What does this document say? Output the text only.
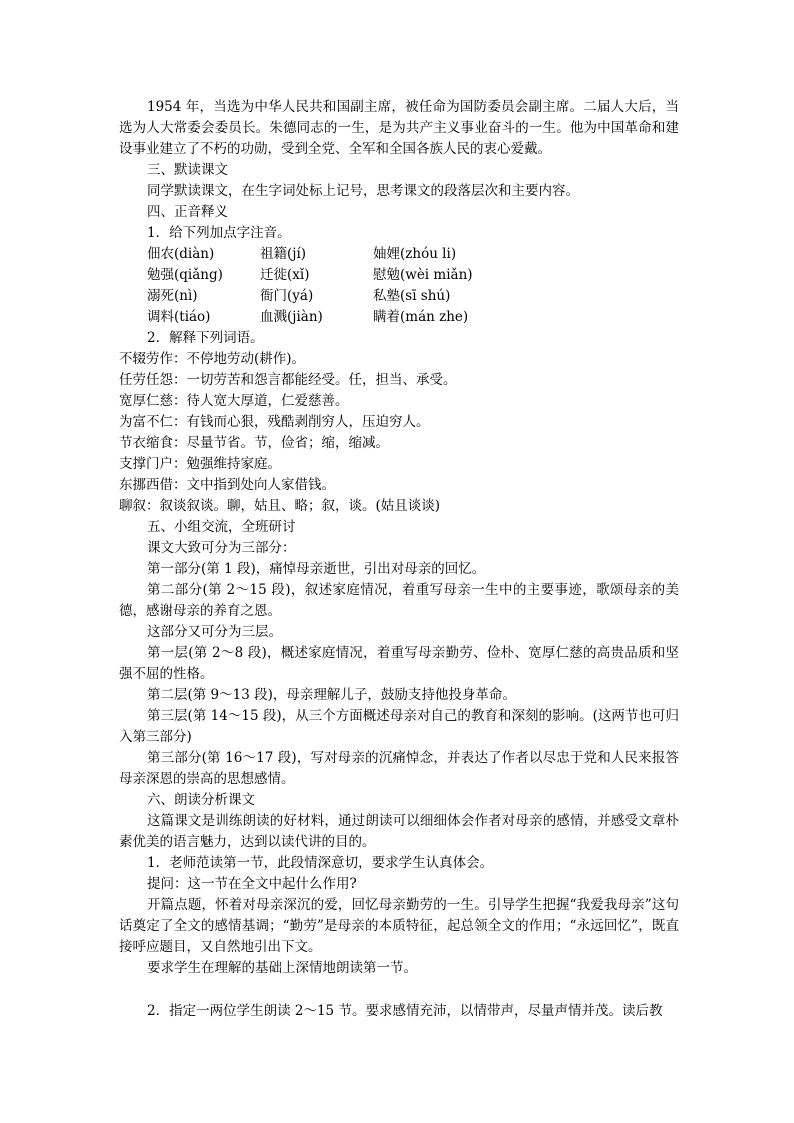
1954 年，当选为中华人民共和国副主席，被任命为国防委员会副主席。二届人大后，当选为人大常委会委员长。朱德同志的一生，是为共产主义事业奋斗的一生。他为中国革命和建设事业建立了不朽的功勋，受到全党、全军和全国各族人民的衷心爱戴。

三、默读课文

同学默读课文，在生字词处标上记号，思考课文的段落层次和主要内容。

四、正音释义

1．给下列加点字注音。

佃农(diàn)	祖籍(jí)	妯娌(zhóu li)
勉强(qiǎng)	迁徙(xǐ)	慰勉(wèi miǎn)
溺死(nì)	衙门(yá)	私塾(sī shú)
调料(tiáo)	血溅(jiàn)	瞒着(mán zhe)

2．解释下列词语。

不辍劳作：不停地劳动(耕作)。

任劳任怨：一切劳苦和怨言都能经受。任，担当、承受。

宽厚仁慈：待人宽大厚道，仁爱慈善。

为富不仁：有钱而心狠，残酷剥削穷人，压迫穷人。

节衣缩食：尽量节省。节，俭省；缩，缩减。

支撑门户：勉强维持家庭。

东挪西借：文中指到处向人家借钱。

聊叙：叙谈叙谈。聊，姑且、略；叙，谈。(姑且谈谈)

五、小组交流，全班研讨

课文大致可分为三部分：

第一部分(第 1 段)，痛悼母亲逝世，引出对母亲的回忆。

第二部分(第 2～15 段)，叙述家庭情况，着重写母亲一生中的主要事迹，歌颂母亲的美德，感谢母亲的养育之恩。

这部分又可分为三层。

第一层(第 2～8 段)，概述家庭情况，着重写母亲勤劳、俭朴、宽厚仁慈的高贵品质和坚强不屈的性格。

第二层(第 9～13 段)，母亲理解儿子，鼓励支持他投身革命。

第三层(第 14～15 段)，从三个方面概述母亲对自己的教育和深刻的影响。(这两节也可归入第三部分)

第三部分(第 16～17 段)，写对母亲的沉痛悼念，并表达了作者以尽忠于党和人民来报答母亲深恩的崇高的思想感情。

六、朗读分析课文

这篇课文是训练朗读的好材料，通过朗读可以细细体会作者对母亲的感情，并感受文章朴素优美的语言魅力，达到以读代讲的目的。

1．老师范读第一节，此段情深意切，要求学生认真体会。

提问：这一节在全文中起什么作用?

开篇点题，怀着对母亲深沉的爱，回忆母亲勤劳的一生。引导学生把握“我爱我母亲”这句话奠定了全文的感情基调；“勤劳”是母亲的本质特征，起总领全文的作用；“永远回忆”，既直接呼应题目，又自然地引出下文。

要求学生在理解的基础上深情地朗读第一节。

2．指定一两位学生朗读 2～15 节。要求感情充沛，以情带声，尽量声情并茂。读后教
